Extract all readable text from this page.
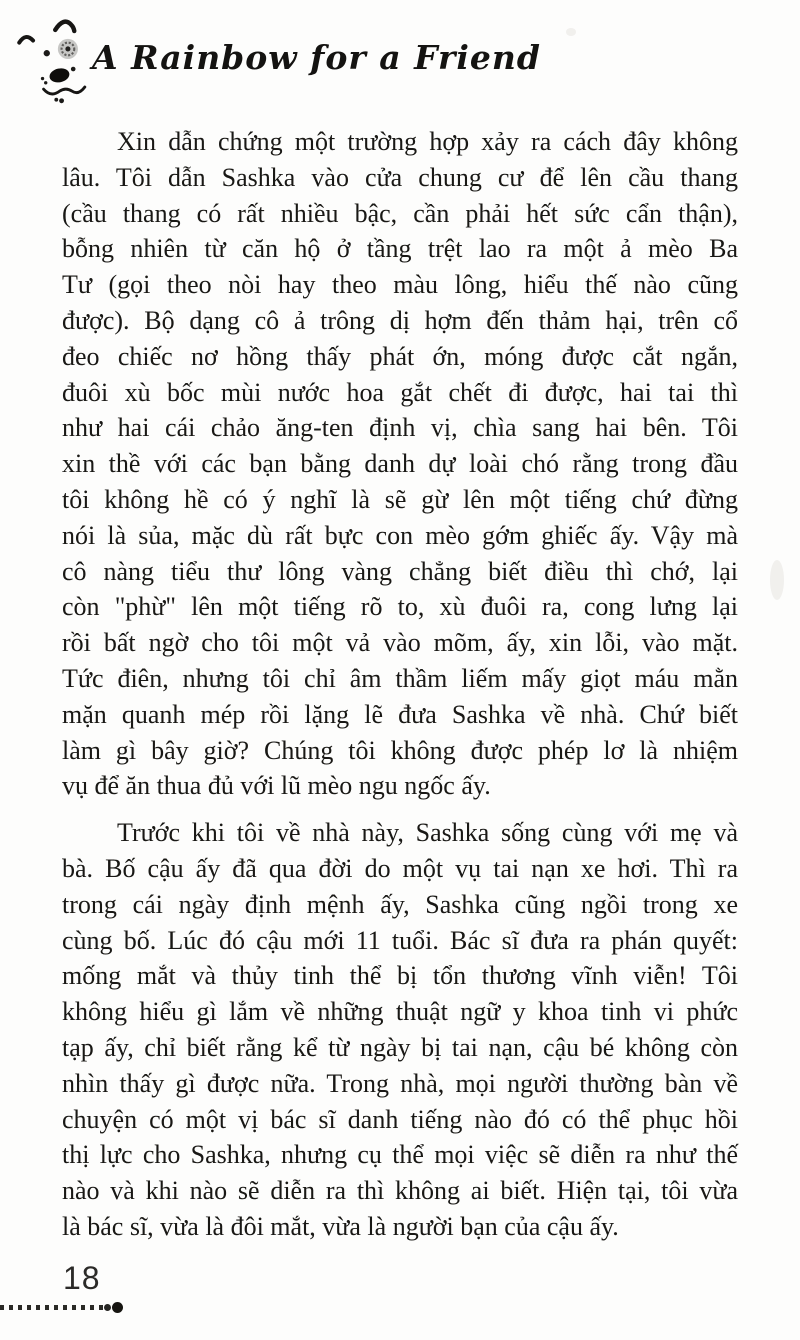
A Rainbow for a Friend
Xin dẫn chứng một trường hợp xảy ra cách đây không
lâu. Tôi dẫn Sashka vào cửa chung cư để lên cầu thang
(cầu thang có rất nhiều bậc, cần phải hết sức cẩn thận),
bỗng nhiên từ căn hộ ở tầng trệt lao ra một ả mèo Ba
Tư (gọi theo nòi hay theo màu lông, hiểu thế nào cũng
được). Bộ dạng cô ả trông dị hợm đến thảm hại, trên cổ
đeo chiếc nơ hồng thấy phát ớn, móng được cắt ngắn,
đuôi xù bốc mùi nước hoa gắt chết đi được, hai tai thì
như hai cái chảo ăng-ten định vị, chìa sang hai bên. Tôi
xin thề với các bạn bằng danh dự loài chó rằng trong đầu
tôi không hề có ý nghĩ là sẽ gừ lên một tiếng chứ đừng
nói là sủa, mặc dù rất bực con mèo gớm ghiếc ấy. Vậy mà
cô nàng tiểu thư lông vàng chẳng biết điều thì chớ, lại
còn "phừ" lên một tiếng rõ to, xù đuôi ra, cong lưng lại
rồi bất ngờ cho tôi một vả vào mõm, ấy, xin lỗi, vào mặt.
Tức điên, nhưng tôi chỉ âm thầm liếm mấy giọt máu mằn
mặn quanh mép rồi lặng lẽ đưa Sashka về nhà. Chứ biết
làm gì bây giờ? Chúng tôi không được phép lơ là nhiệm
vụ để ăn thua đủ với lũ mèo ngu ngốc ấy.
Trước khi tôi về nhà này, Sashka sống cùng với mẹ và
bà. Bố cậu ấy đã qua đời do một vụ tai nạn xe hơi. Thì ra
trong cái ngày định mệnh ấy, Sashka cũng ngồi trong xe
cùng bố. Lúc đó cậu mới 11 tuổi. Bác sĩ đưa ra phán quyết:
mống mắt và thủy tinh thể bị tổn thương vĩnh viễn! Tôi
không hiểu gì lắm về những thuật ngữ y khoa tinh vi phức
tạp ấy, chỉ biết rằng kể từ ngày bị tai nạn, cậu bé không còn
nhìn thấy gì được nữa. Trong nhà, mọi người thường bàn về
chuyện có một vị bác sĩ danh tiếng nào đó có thể phục hồi
thị lực cho Sashka, nhưng cụ thể mọi việc sẽ diễn ra như thế
nào và khi nào sẽ diễn ra thì không ai biết. Hiện tại, tôi vừa
là bác sĩ, vừa là đôi mắt, vừa là người bạn của cậu ấy.
18
